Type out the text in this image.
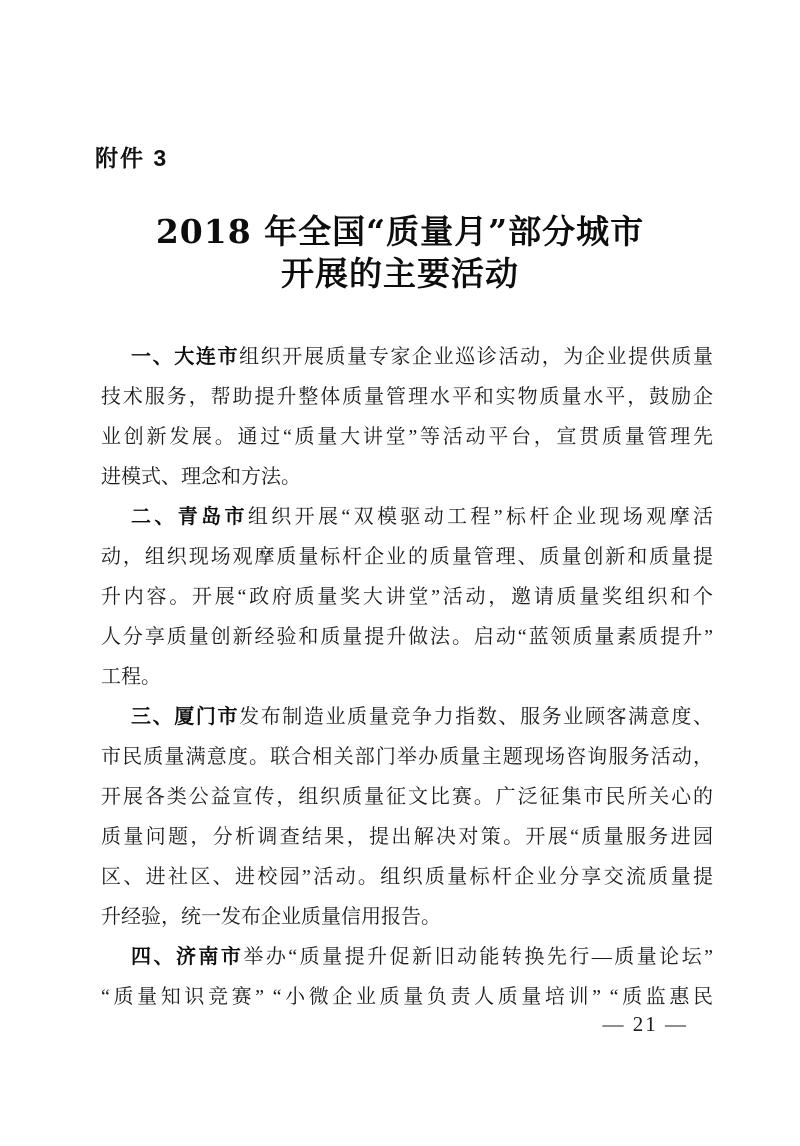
附件 3
2018 年全国“质量月”部分城市
开展的主要活动
一、大连市组织开展质量专家企业巡诊活动，为企业提供质量
技术服务，帮助提升整体质量管理水平和实物质量水平，鼓励企
业创新发展。通过“质量大讲堂”等活动平台，宣贯质量管理先
进模式、理念和方法。
二、青岛市组织开展“双模驱动工程”标杆企业现场观摩活
动，组织现场观摩质量标杆企业的质量管理、质量创新和质量提
升内容。开展“政府质量奖大讲堂”活动，邀请质量奖组织和个
人分享质量创新经验和质量提升做法。启动“蓝领质量素质提升”
工程。
三、厦门市发布制造业质量竞争力指数、服务业顾客满意度、
市民质量满意度。联合相关部门举办质量主题现场咨询服务活动，
开展各类公益宣传，组织质量征文比赛。广泛征集市民所关心的
质量问题，分析调查结果，提出解决对策。开展“质量服务进园
区、进社区、进校园”活动。组织质量标杆企业分享交流质量提
升经验，统一发布企业质量信用报告。
四、济南市举办“质量提升促新旧动能转换先行—质量论坛”
“质量知识竞赛” “小微企业质量负责人质量培训” “质监惠民
— 21 —
